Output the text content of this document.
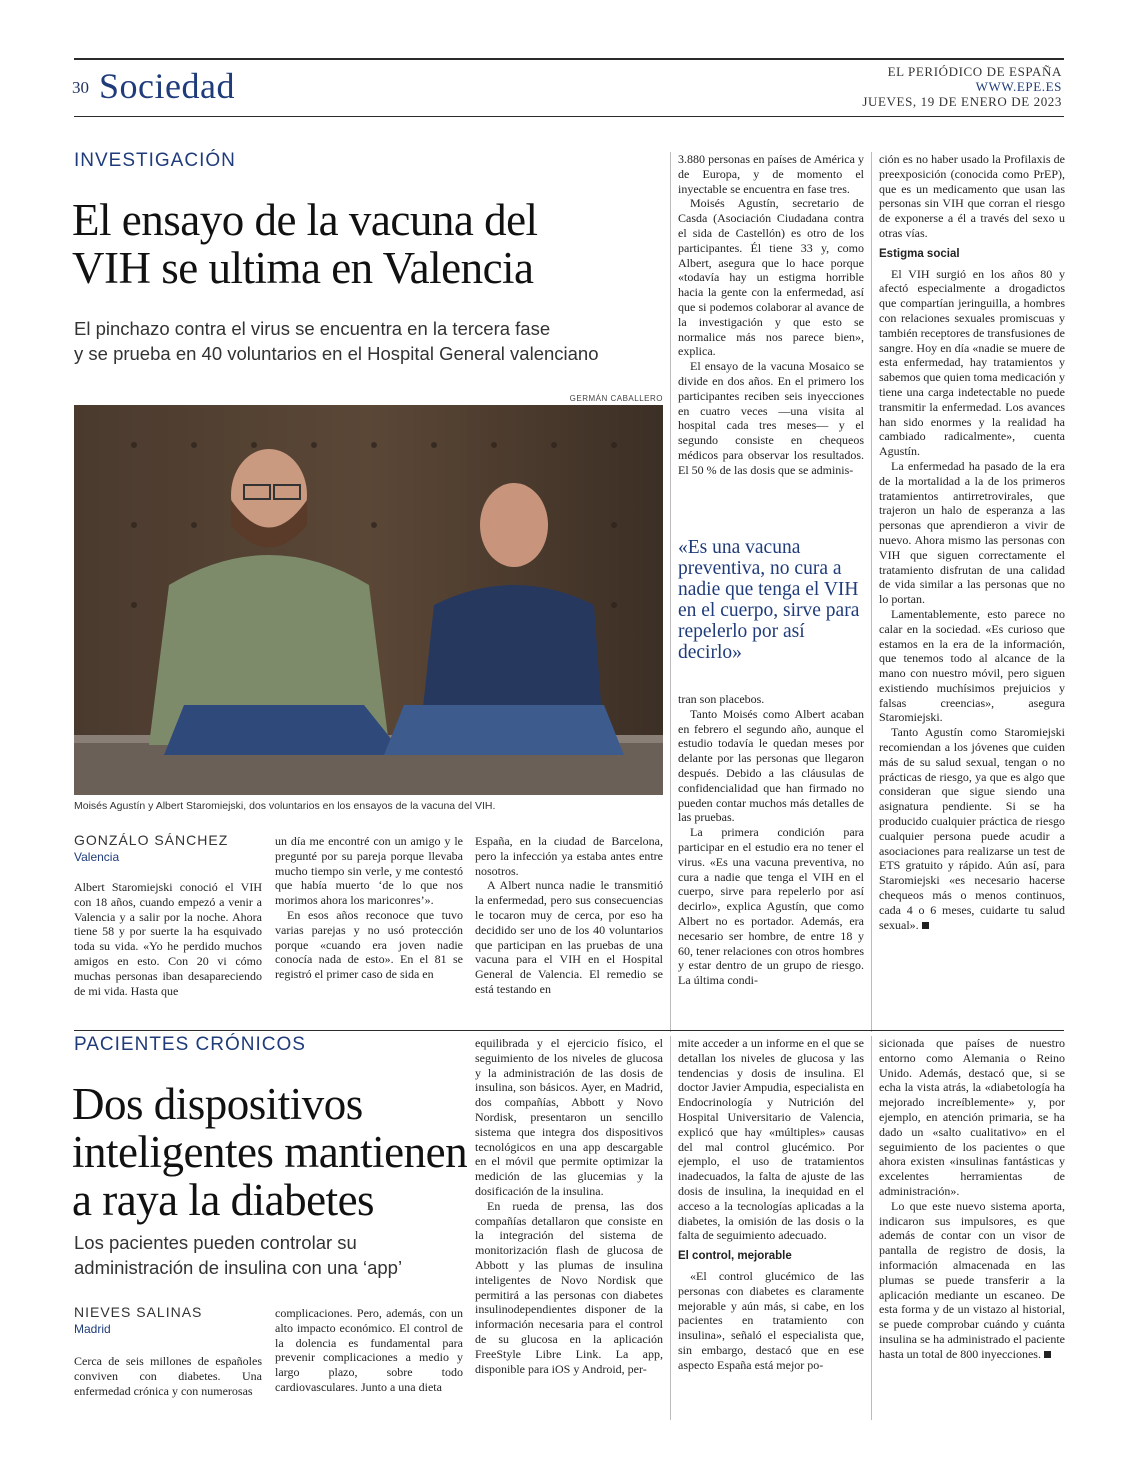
30 Sociedad	EL PERIÓDICO DE ESPAÑA
WWW.EPE.ES
JUEVES, 19 DE ENERO DE 2023
INVESTIGACIÓN
El ensayo de la vacuna del
VIH se ultima en Valencia
El pinchazo contra el virus se encuentra en la tercera fase
y se prueba en 40 voluntarios en el Hospital General valenciano
GERMÁN CABALLERO
Moisés Agustín y Albert Staromiejski, dos voluntarios en los ensayos de la vacuna del VIH.
GONZÁLO SÁNCHEZ
Valencia

Albert Staromiejski conoció el VIH con 18 años, cuando empezó a venir a Valencia y a salir por la noche. Ahora tiene 58 y por suerte la ha esquivado toda su vida. «Yo he perdido muchos amigos en esto. Con 20 vi cómo muchas personas iban desapareciendo de mi vida. Hasta que

un día me encontré con un amigo y le pregunté por su pareja porque llevaba mucho tiempo sin verle, y me contestó que había muerto ‘de lo que nos morimos ahora los mariconres’».

En esos años reconoce que tuvo varias parejas y no usó protección porque «cuando era joven nadie conocía nada de esto». En el 81 se registró el primer caso de sida en

España, en la ciudad de Barcelona, pero la infección ya estaba antes entre nosotros.

A Albert nunca nadie le transmitió la enfermedad, pero sus consecuencias le tocaron muy de cerca, por eso ha decidido ser uno de los 40 voluntarios que participan en las pruebas de una vacuna para el VIH en el Hospital General de Valencia. El remedio se está testando en

3.880 personas en países de América y de Europa, y de momento el inyectable se encuentra en fase tres.

Moisés Agustín, secretario de Casda (Asociación Ciudadana contra el sida de Castellón) es otro de los participantes. Él tiene 33 y, como Albert, asegura que lo hace porque «todavía hay un estigma horrible hacia la gente con la enfermedad, así que si podemos colaborar al avance de la investigación y que esto se normalice más nos parece bien», explica.

El ensayo de la vacuna Mosaico se divide en dos años. En el primero los participantes reciben seis inyecciones en cuatro veces —una visita al hospital cada tres meses— y el segundo consiste en chequeos médicos para observar los resultados. El 50 % de las dosis que se adminis-

«Es una vacuna preventiva, no cura a nadie que tenga el VIH en el cuerpo, sirve para repelerlo por así decirlo»

tran son placebos.

Tanto Moisés como Albert acaban en febrero el segundo año, aunque el estudio todavía le quedan meses por delante por las personas que llegaron después. Debido a las cláusulas de confidencialidad que han firmado no pueden contar muchos más detalles de las pruebas.

La primera condición para participar en el estudio era no tener el virus. «Es una vacuna preventiva, no cura a nadie que tenga el VIH en el cuerpo, sirve para repelerlo por así decirlo», explica Agustín, que como Albert no es portador. Además, era necesario ser hombre, de entre 18 y 60, tener relaciones con otros hombres y estar dentro de un grupo de riesgo. La última condi-

ción es no haber usado la Profilaxis de preexposición (conocida como PrEP), que es un medicamento que usan las personas sin VIH que corran el riesgo de exponerse a él a través del sexo u otras vías.

Estigma social

El VIH surgió en los años 80 y afectó especialmente a drogadictos que compartían jeringuilla, a hombres con relaciones sexuales promiscuas y también receptores de transfusiones de sangre. Hoy en día «nadie se muere de esta enfermedad, hay tratamientos y sabemos que quien toma medicación y tiene una carga indetectable no puede transmitir la enfermedad. Los avances han sido enormes y la realidad ha cambiado radicalmente», cuenta Agustín.

La enfermedad ha pasado de la era de la mortalidad a la de los primeros tratamientos antirretrovirales, que trajeron un halo de esperanza a las personas que aprendieron a vivir de nuevo. Ahora mismo las personas con VIH que siguen correctamente el tratamiento disfrutan de una calidad de vida similar a las personas que no lo portan.

Lamentablemente, esto parece no calar en la sociedad. «Es curioso que estamos en la era de la información, que tenemos todo al alcance de la mano con nuestro móvil, pero siguen existiendo muchísimos prejuicios y falsas creencias», asegura Staromiejski.

Tanto Agustín como Staromiejski recomiendan a los jóvenes que cuiden más de su salud sexual, tengan o no prácticas de riesgo, ya que es algo que consideran que sigue siendo una asignatura pendiente. Si se ha producido cualquier práctica de riesgo cualquier persona puede acudir a asociaciones para realizarse un test de ETS gratuito y rápido. Aún así, para Staromiejski «es necesario hacerse chequeos más o menos continuos, cada 4 o 6 meses, cuidarte tu salud sexual».

PACIENTES CRÓNICOS
Dos dispositivos
inteligentes mantienen
a raya la diabetes
Los pacientes pueden controlar su
administración de insulina con una ‘app’
NIEVES SALINAS
Madrid

Cerca de seis millones de españoles conviven con diabetes. Una enfermedad crónica y con numerosas

complicaciones. Pero, además, con un alto impacto económico. El control de la dolencia es fundamental para prevenir complicaciones a medio y largo plazo, sobre todo cardiovasculares. Junto a una dieta

equilibrada y el ejercicio físico, el seguimiento de los niveles de glucosa y la administración de las dosis de insulina, son básicos. Ayer, en Madrid, dos compañías, Abbott y Novo Nordisk, presentaron un sencillo sistema que integra dos dispositivos tecnológicos en una app descargable en el móvil que permite optimizar la medición de las glucemias y la dosificación de la insulina.

En rueda de prensa, las dos compañías detallaron que consiste en la integración del sistema de monitorización flash de glucosa de Abbott y las plumas de insulina inteligentes de Novo Nordisk que permitirá a las personas con diabetes insulinodependientes disponer de la información necesaria para el control de su glucosa en la aplicación FreeStyle Libre Link. La app, disponible para iOS y Android, per-

mite acceder a un informe en el que se detallan los niveles de glucosa y las tendencias y dosis de insulina. El doctor Javier Ampudia, especialista en Endocrinología y Nutrición del Hospital Universitario de Valencia, explicó que hay «múltiples» causas del mal control glucémico. Por ejemplo, el uso de tratamientos inadecuados, la falta de ajuste de las dosis de insulina, la inequidad en el acceso a la tecnologías aplicadas a la diabetes, la omisión de las dosis o la falta de seguimiento adecuado.

El control, mejorable

«El control glucémico de las personas con diabetes es claramente mejorable y aún más, si cabe, en los pacientes en tratamiento con insulina», señaló el especialista que, sin embargo, destacó que en ese aspecto España está mejor po-

sicionada que países de nuestro entorno como Alemania o Reino Unido. Además, destacó que, si se echa la vista atrás, la «diabetología ha mejorado increíblemente» y, por ejemplo, en atención primaria, se ha dado un «salto cualitativo» en el seguimiento de los pacientes o que ahora existen «insulinas fantásticas y excelentes herramientas de administración».

Lo que este nuevo sistema aporta, indicaron sus impulsores, es que además de contar con un visor de pantalla de registro de dosis, la información almacenada en las plumas se puede transferir a la aplicación mediante un escaneo. De esta forma y de un vistazo al historial, se puede comprobar cuándo y cuánta insulina se ha administrado el paciente hasta un total de 800 inyecciones.
